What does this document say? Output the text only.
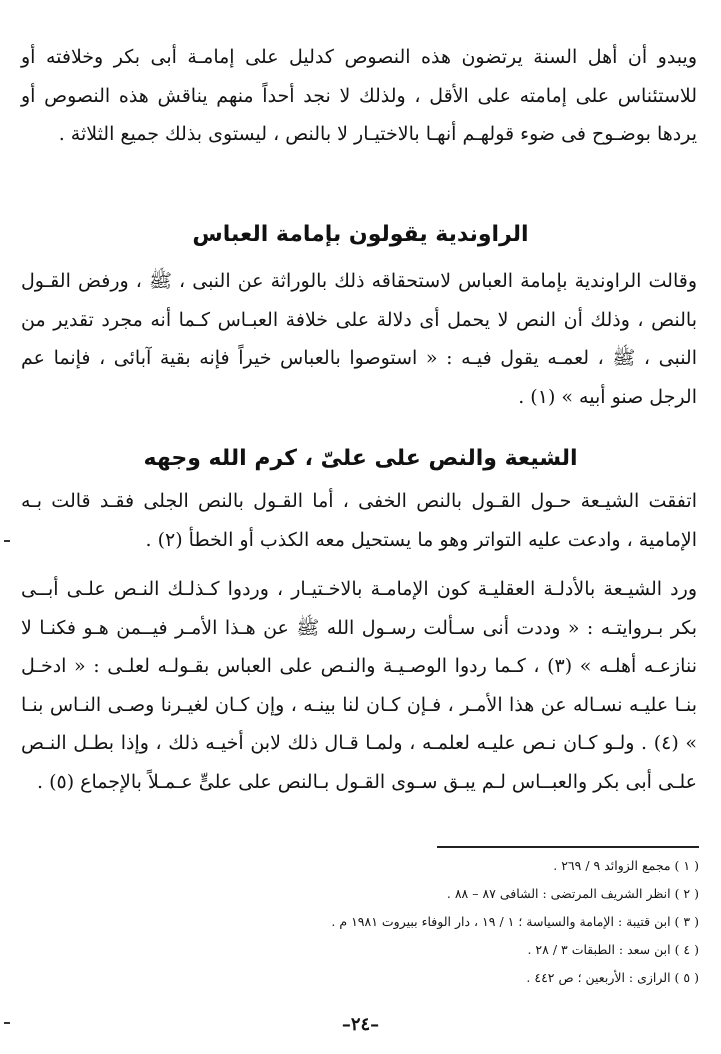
ويبدو أن أهل السنة يرتضون هذه النصوص كدليل على إمامـة أبى بكر وخلافته أو للاستئناس على إمامته على الأقل ، ولذلك لا نجد أحداً منهم يناقش هذه النصوص أو يردها بوضـوح فى ضوء قولهـم أنهـا بالاختيـار لا بالنص ، ليستوى بذلك جميع الثلاثة .

الراوندية يقولون بإمامة العباس

وقالت الراوندية بإمامة العباس لاستحقاقه ذلك بالوراثة عن النبى ، ﷺ ، ورفض القـول بالنص ، وذلك أن النص لا يحمل أى دلالة على خلافة العبـاس كـما أنه مجرد تقدير من النبى ، ﷺ ، لعمـه يقول فيـه : « استوصوا بالعباس خيراً فإنه بقية آبائى ، فإنما عم الرجل صنو أبيه » (١) .

الشيعة والنص على علىّ ، كرم الله وجهه

اتفقت الشيـعة حـول القـول بالنص الخفى ، أما القـول بالنص الجلى فقـد قالت بـه الإمامية ، وادعت عليه التواتر وهو ما يستحيل معه الكذب أو الخطأ (٢) .

ورد الشيـعة بالأدلـة العقليـة كون الإمامـة بالاخـتيـار ، وردوا كـذلـك النـص علـى أبــى بكر بـروايتـه : « وددت أنى سـألت رسـول الله ﷺ عن هـذا الأمـر فيــمن هـو فكنـا لا ننازعـه أهلـه » (٣) ، كـما ردوا الوصـيـة والنـص على العباس بقـولـه لعلـى : « ادخـل بنـا عليـه نسـاله عن هذا الأمـر ، فـإن كـان لنا بينـه ، وإن كـان لغيـرنا وصـى النـاس بنـا » (٤) . ولـو كـان نـص عليـه لعلمـه ، ولمـا قـال ذلك لابن أخيـه ذلك ، وإذا بطـل النـص علـى أبى بكر والعبــاس لـم يبـق سـوى القـول بـالنص على علىٍّ عـمـلاً بالإجماع (٥) .

( ١ ) مجمع الزوائد ٩ / ٢٦٩ .
( ٢ ) انظر الشريف المرتضى : الشافى ٨٧ – ٨٨ .
( ٣ ) ابن قتيبة : الإمامة والسياسة ؛ ١ / ١٩ ، دار الوفاء ببيروت ١٩٨١ م .
( ٤ ) ابن سعد : الطبقات ٣ / ٢٨ .
( ٥ ) الرازى : الأربعين ؛ ص ٤٤٢ .

–٢٤–
